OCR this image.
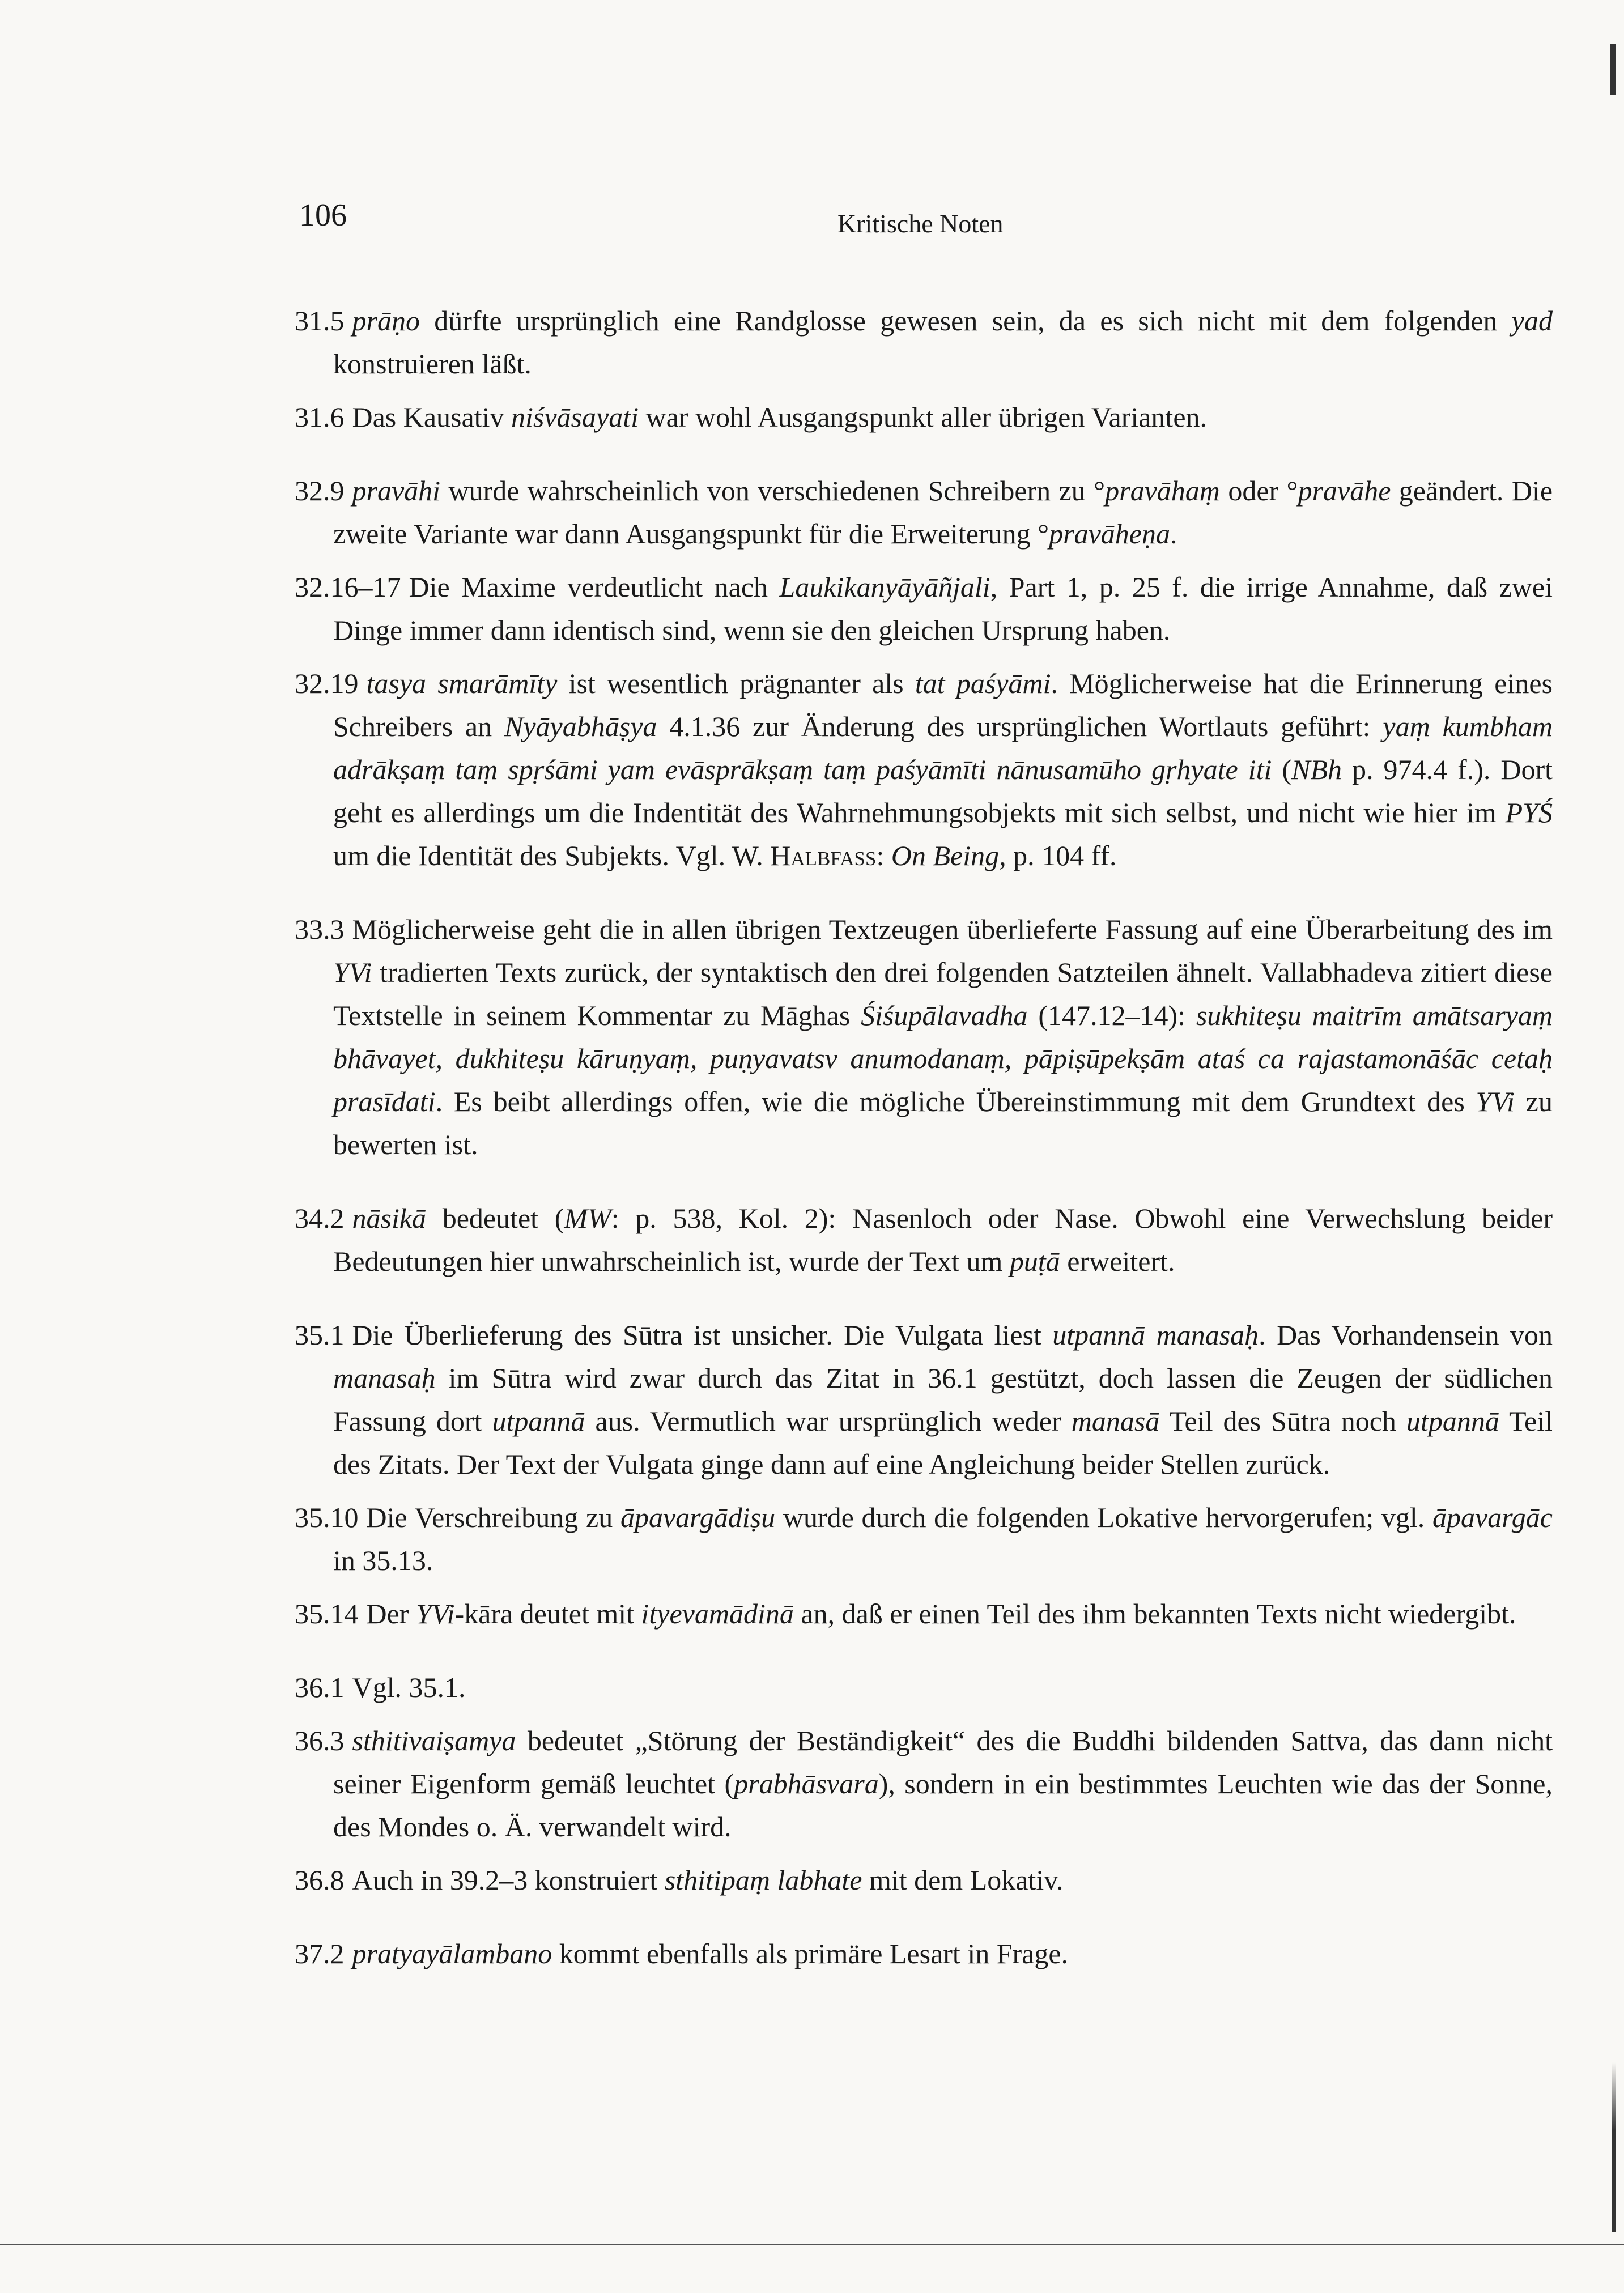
106	Kritische Noten

31.5 prāṇo dürfte ursprünglich eine Randglosse gewesen sein, da es sich nicht mit dem folgenden yad konstruieren läßt.

31.6 Das Kausativ niśvāsayati war wohl Ausgangspunkt aller übrigen Varianten.

32.9 pravāhi wurde wahrscheinlich von verschiedenen Schreibern zu °pravāhaṃ oder °pravāhe geändert. Die zweite Variante war dann Ausgangspunkt für die Erweiterung °pravāheṇa.

32.16–17 Die Maxime verdeutlicht nach Laukikanyāyāñjali, Part 1, p. 25 f. die irrige Annahme, daß zwei Dinge immer dann identisch sind, wenn sie den gleichen Ursprung haben.

32.19 tasya smarāmīty ist wesentlich prägnanter als tat paśyāmi. Möglicherweise hat die Erinnerung eines Schreibers an Nyāyabhāṣya 4.1.36 zur Änderung des ursprünglichen Wortlauts geführt: yaṃ kumbham adrākṣaṃ taṃ spṛśāmi yam evāsprākṣaṃ taṃ paśyāmīti nānusamūho gṛhyate iti (NBh p. 974.4 f.). Dort geht es allerdings um die Indentität des Wahrnehmungsobjekts mit sich selbst, und nicht wie hier im PYŚ um die Identität des Subjekts. Vgl. W. Halbfass: On Being, p. 104 ff.

33.3 Möglicherweise geht die in allen übrigen Textzeugen überlieferte Fassung auf eine Überarbeitung des im YVi tradierten Texts zurück, der syntaktisch den drei folgenden Satzteilen ähnelt. Vallabhadeva zitiert diese Textstelle in seinem Kommentar zu Māghas Śiśupālavadha (147.12–14): sukhiteṣu maitrīm amātsaryaṃ bhāvayet, dukhiteṣu kāruṇyaṃ, puṇyavatsv anumodanaṃ, pāpiṣūpekṣām ataś ca rajastamonāśāc cetaḥ prasīdati. Es beibt allerdings offen, wie die mögliche Übereinstimmung mit dem Grundtext des YVi zu bewerten ist.

34.2 nāsikā bedeutet (MW: p. 538, Kol. 2): Nasenloch oder Nase. Obwohl eine Verwechslung beider Bedeutungen hier unwahrscheinlich ist, wurde der Text um puṭā erweitert.

35.1 Die Überlieferung des Sūtra ist unsicher. Die Vulgata liest utpannā manasaḥ. Das Vorhandensein von manasaḥ im Sūtra wird zwar durch das Zitat in 36.1 gestützt, doch lassen die Zeugen der südlichen Fassung dort utpannā aus. Vermutlich war ursprünglich weder manasā Teil des Sūtra noch utpannā Teil des Zitats. Der Text der Vulgata ginge dann auf eine Angleichung beider Stellen zurück.

35.10 Die Verschreibung zu āpavargādiṣu wurde durch die folgenden Lokative hervorgerufen; vgl. āpavargāc in 35.13.

35.14 Der YVi-kāra deutet mit ityevamādinā an, daß er einen Teil des ihm bekannten Texts nicht wiedergibt.

36.1 Vgl. 35.1.

36.3 sthitivaiṣamya bedeutet „Störung der Beständigkeit“ des die Buddhi bildenden Sattva, das dann nicht seiner Eigenform gemäß leuchtet (prabhāsvara), sondern in ein bestimmtes Leuchten wie das der Sonne, des Mondes o. Ä. verwandelt wird.

36.8 Auch in 39.2–3 konstruiert sthitipaṃ labhate mit dem Lokativ.

37.2 pratyayālambano kommt ebenfalls als primäre Lesart in Frage.
